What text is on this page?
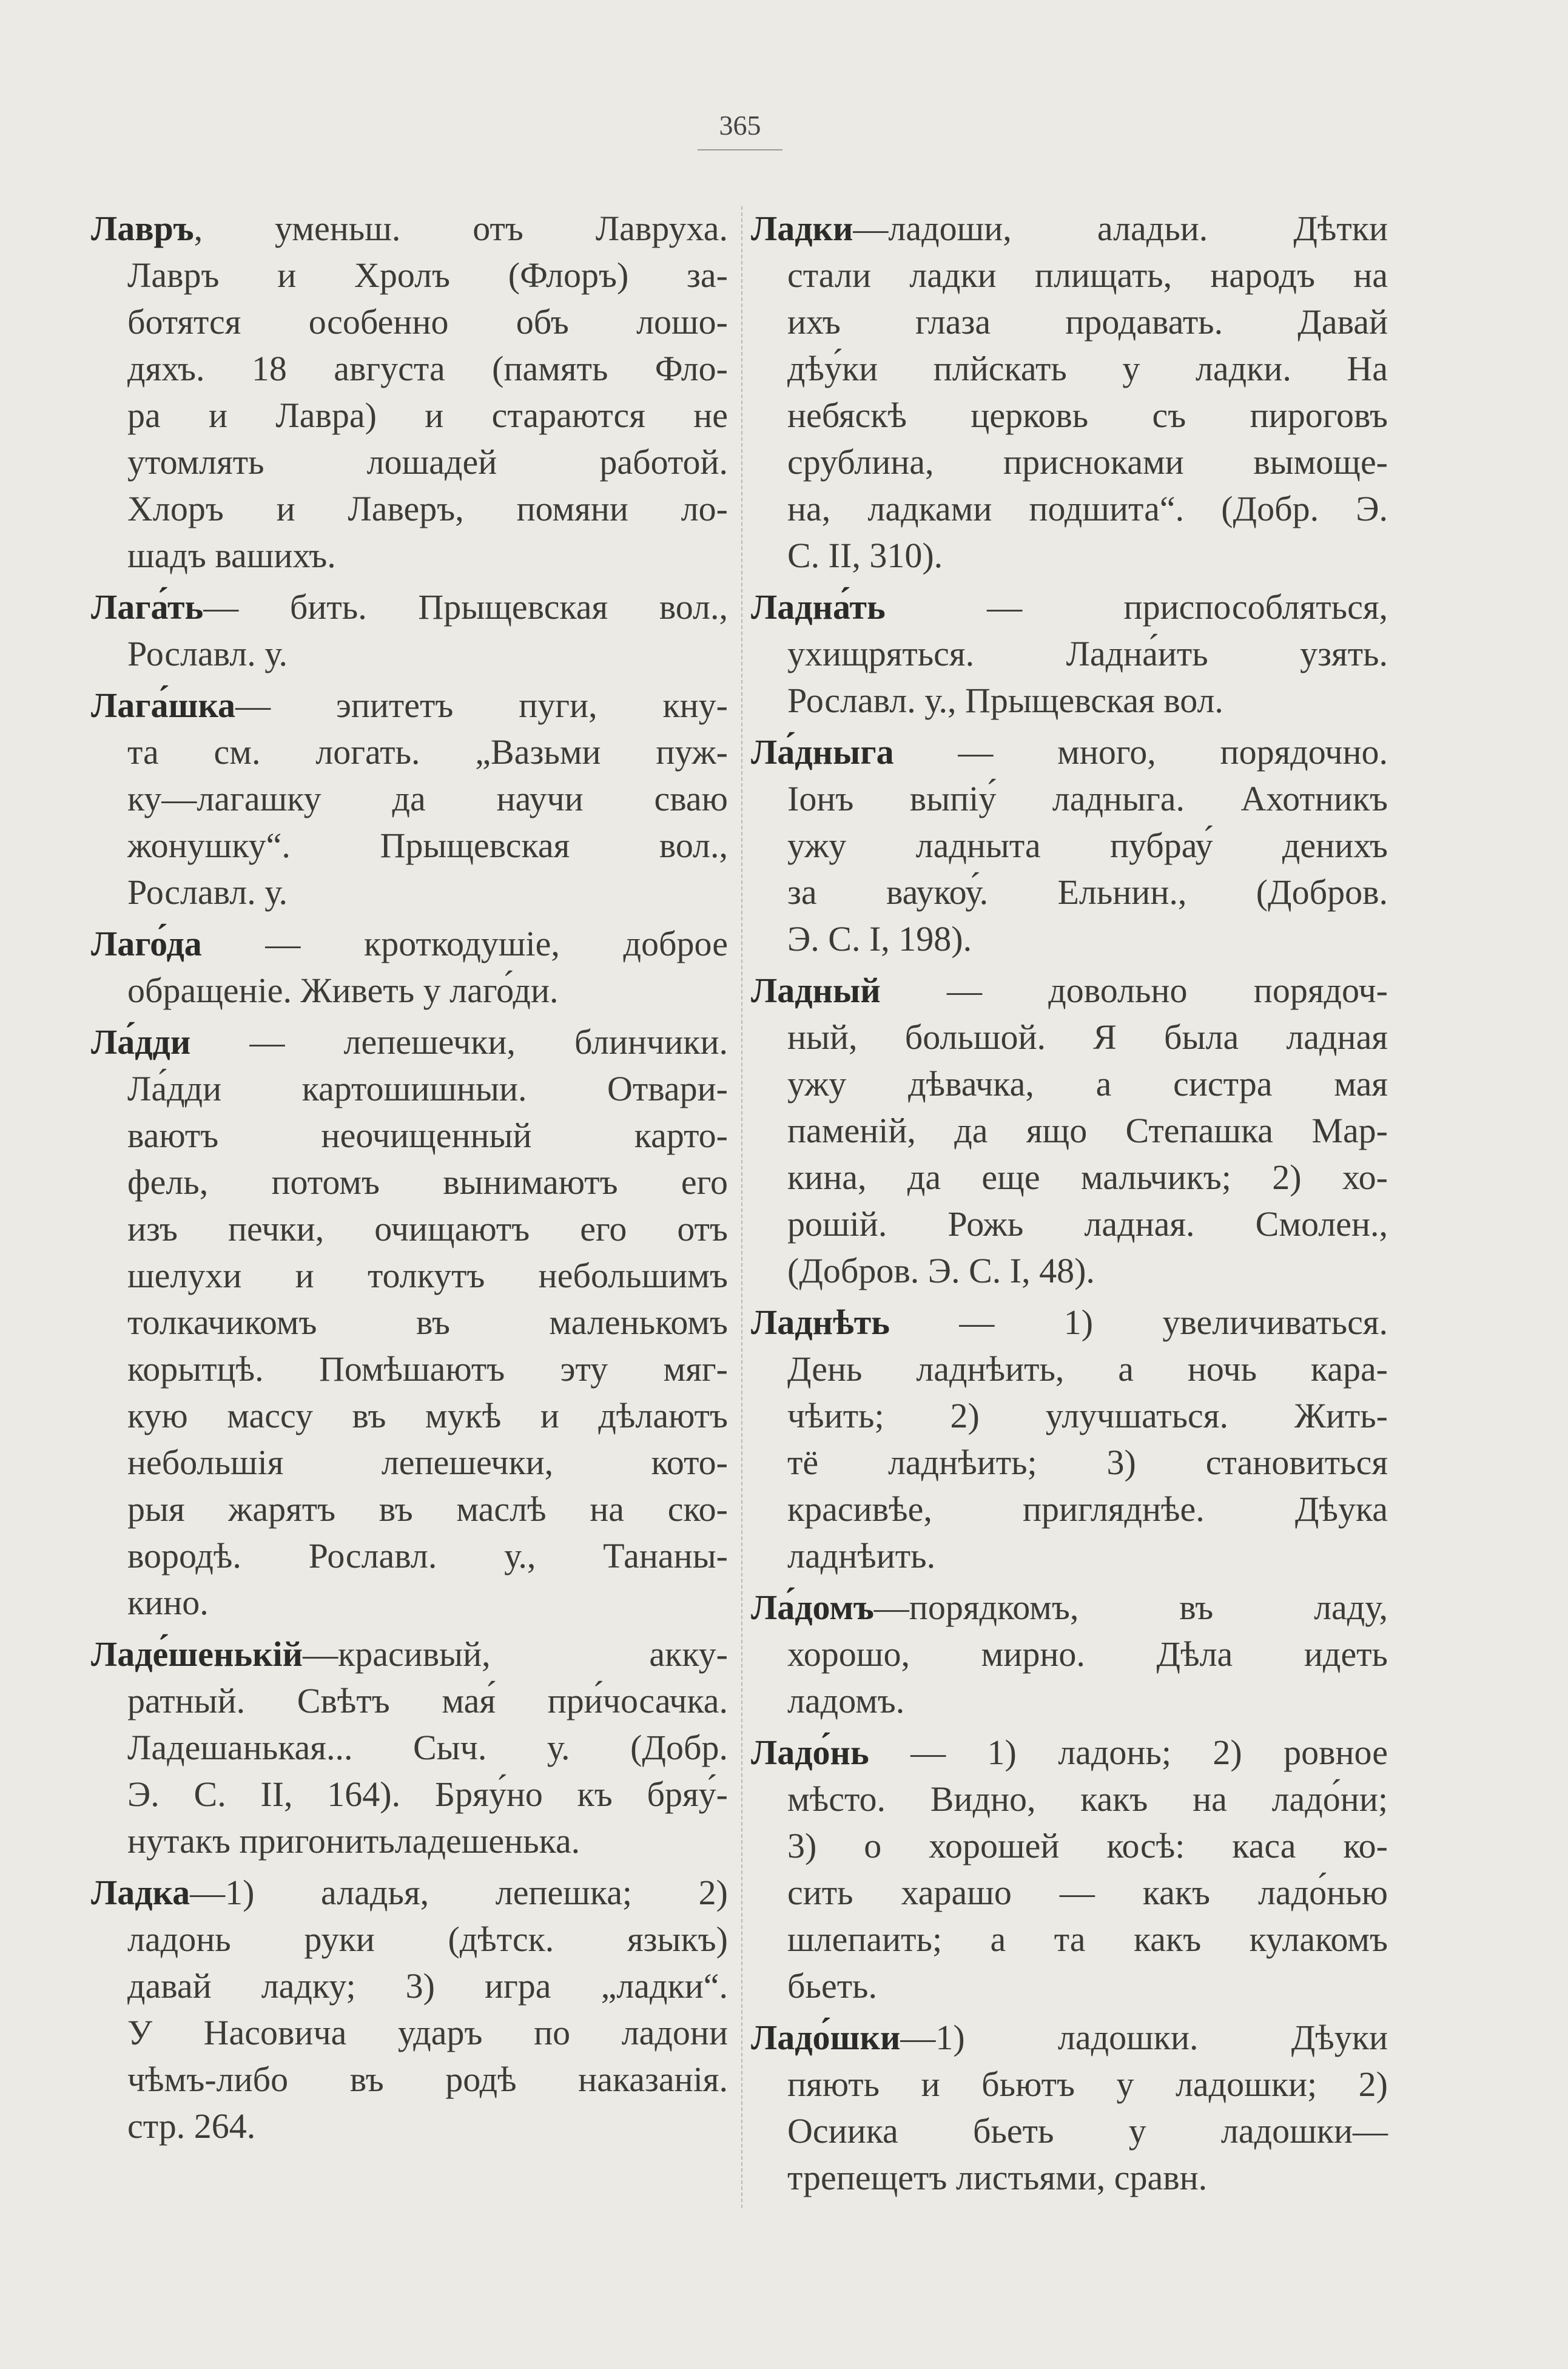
365
Лавръ, уменьш. отъ Лавруха.
Лавръ и Хролъ (Флоръ) за-
ботятся особенно объ лошо-
дяхъ. 18 августа (память Фло-
ра и Лавра) и стараются не
утомлять лошадей работой.
Хлоръ и Лаверъ, помяни ло-
шадъ вашихъ.
Лага́ть— бить. Прыщевская вол.,
Рославл. у.
Лага́шка— эпитетъ пуги, кну-
та см. логать. „Вазьми пуж-
ку—лагашку да научи сваю
жонушку“. Прыщевская вол.,
Рославл. у.
Лаго́да — кроткодушіе, доброе
обращеніе. Живеть у лаго́ди.
Ла́дди — лепешечки, блинчики.
Ла́дди картошишныи. Отвари-
ваютъ неочищенный карто-
фель, потомъ вынимаютъ его
изъ печки, очищаютъ его отъ
шелухи и толкутъ небольшимъ
толкачикомъ въ маленькомъ
корытцѣ. Помѣшаютъ эту мяг-
кую массу въ мукѣ и дѣлаютъ
небольшія лепешечки, кото-
рыя жарятъ въ маслѣ на ско-
вородѣ. Рославл. у., Тананы-
кино.
Ладе́шенькій—красивый, акку-
ратный. Свѣтъ мая́ при́чосачка.
Ладешанькая... Сыч. у. (Добр.
Э. С. II, 164). Бряу́но къ бряу́-
нутакъ пригонитьладешенька.
Ладка—1) аладья, лепешка; 2)
ладонь руки (дѣтск. языкъ)
давай ладку; 3) игра „ладки“.
У Насовича ударъ по ладони
чѣмъ-либо въ родѣ наказанія.
стр. 264.
Ладки—ладоши, аладьи. Дѣтки
стали ладки плищать, народъ на
ихъ глаза продавать. Давай
дѣу́ки плйскать у ладки. На
небяскѣ церковь съ пироговъ
срублина, присноками вымоще-
на, ладками подшита“. (Добр. Э.
С. II, 310).
Ладна́ть — приспособляться,
ухищряться. Ладна́ить узять.
Рославл. у., Прыщевская вол.
Ла́дныга — много, порядочно.
Іонъ выпіу́ ладныга. Ахотникъ
ужу ладныта пубрау́ денихъ
за ваукоу́. Ельнин., (Добров.
Э. С. I, 198).
Ладный — довольно порядоч-
ный, большой. Я была ладная
ужу дѣвачка, а систра мая
паменій, да ящо Степашка Мар-
кина, да еще мальчикъ; 2) хо-
рошій. Рожь ладная. Смолен.,
(Добров. Э. С. I, 48).
Ладнѣть — 1) увеличиваться.
День ладнѣить, а ночь кара-
чѣить; 2) улучшаться. Жить-
тё ладнѣить; 3) становиться
красивѣе, пригляднѣе. Дѣука
ладнѣить.
Ла́домъ—порядкомъ, въ ладу,
хорошо, мирно. Дѣла идеть
ладомъ.
Ладо́нь — 1) ладонь; 2) ровное
мѣсто. Видно, какъ на ладо́ни;
3) о хорошей косѣ: каса ко-
сить харашо — какъ ладо́нью
шлепаить; а та какъ кулакомъ
бьеть.
Ладо́шки—1) ладошки. Дѣуки
пяють и бьютъ у ладошки; 2)
Осиика бьеть у ладошки—
трепещетъ листьями, сравн.
